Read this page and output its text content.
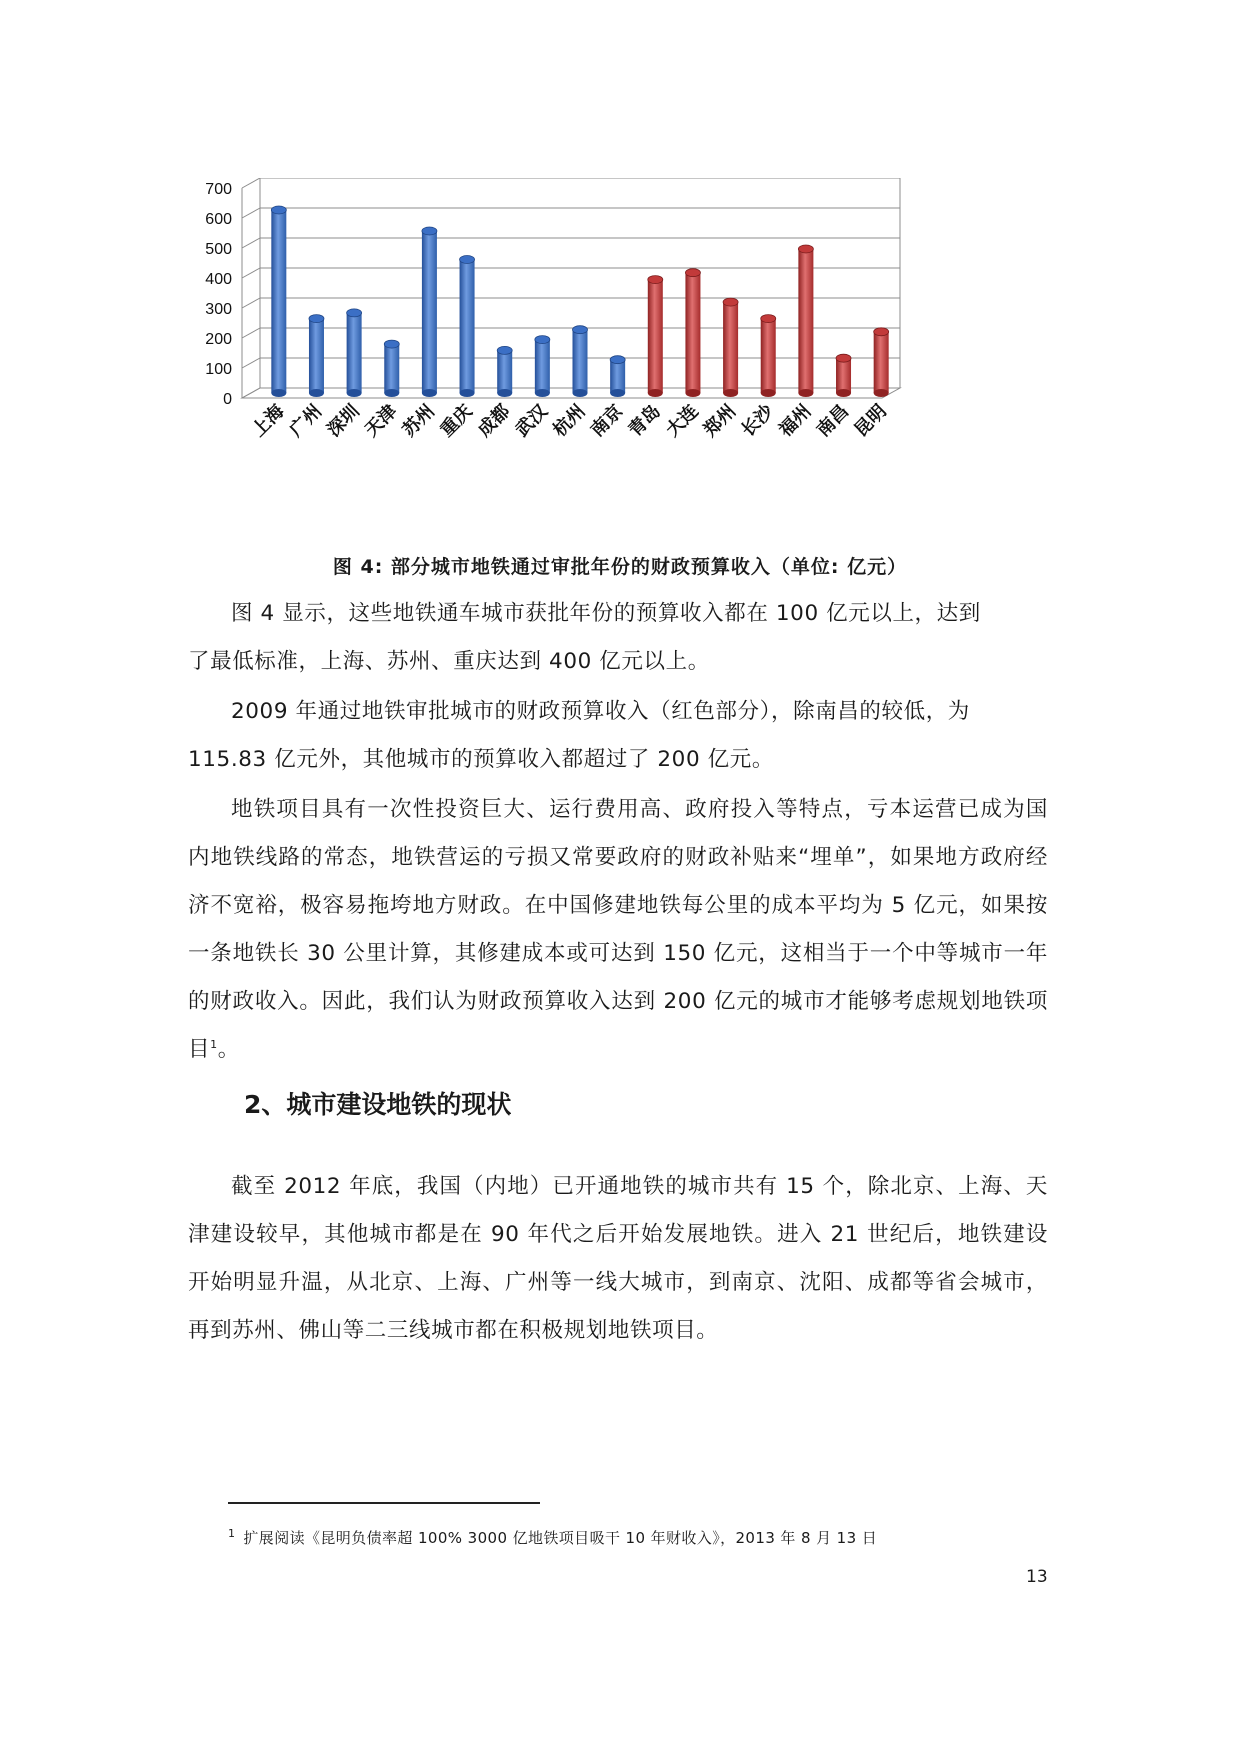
0
100
200
300
400
500
600
700
上海
广州
深圳
天津
苏州
重庆
成都
武汉
杭州
南京
青岛
大连
郑州
长沙
福州
南昌
昆明
图 4: 部分城市地铁通过审批年份的财政预算收入（单位: 亿元）

图 4 显示，这些地铁通车城市获批年份的预算收入都在 100 亿元以上，达到

了最低标准，上海、苏州、重庆达到 400 亿元以上。

2009 年通过地铁审批城市的财政预算收入（红色部分），除南昌的较低，为

115.83 亿元外，其他城市的预算收入都超过了 200 亿元。

地铁项目具有一次性投资巨大、运行费用高、政府投入等特点，亏本运营已成为国内地铁线路的常态，地铁营运的亏损又常要政府的财政补贴来“埋单”，如果地方政府经济不宽裕，极容易拖垮地方财政。在中国修建地铁每公里的成本平均为 5 亿元，如果按一条地铁长 30 公里计算，其修建成本或可达到 150 亿元，这相当于一个中等城市一年的财政收入。因此，我们认为财政预算收入达到 200 亿元的城市才能够考虑规划地铁项目$^1$。

2、城市建设地铁的现状

截至 2012 年底，我国（内地）已开通地铁的城市共有 15 个，除北京、上海、天津建设较早，其他城市都是在 90 年代之后开始发展地铁。进入 21 世纪后，地铁建设开始明显升温，从北京、上海、广州等一线大城市，到南京、沈阳、成都等省会城市，再到苏州、佛山等二三线城市都在积极规划地铁项目。

$^1$ 扩展阅读《昆明负债率超 100% 3000 亿地铁项目吸干 10 年财收入》，2013 年 8 月 13 日
13
